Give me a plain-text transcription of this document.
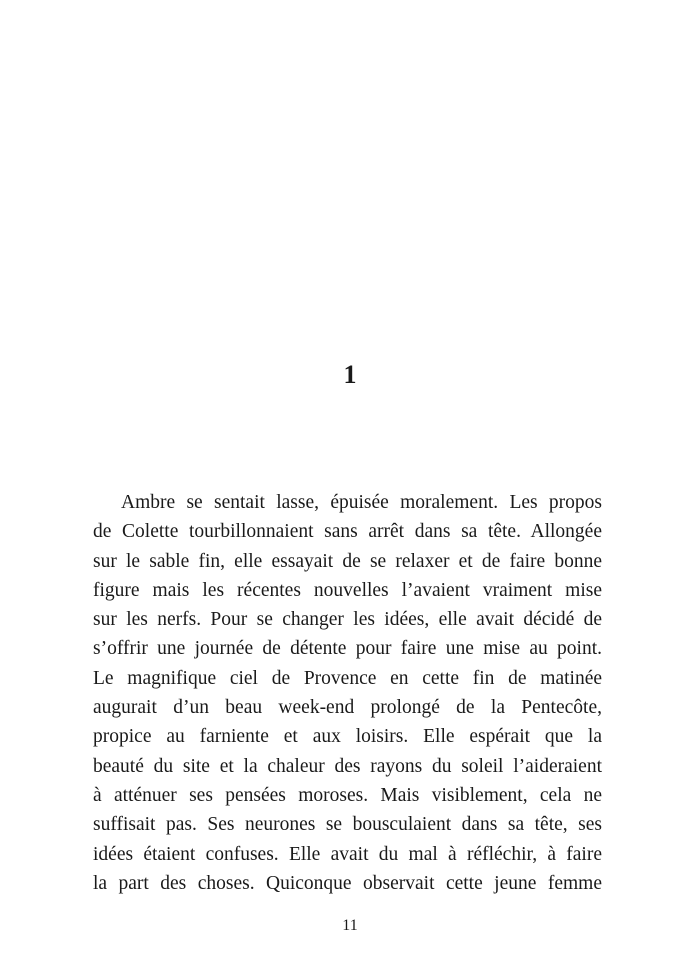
1
Ambre se sentait lasse, épuisée moralement. Les propos
de Colette tourbillonnaient sans arrêt dans sa tête. Allongée
sur le sable fin, elle essayait de se relaxer et de faire bonne
figure mais les récentes nouvelles l’avaient vraiment mise
sur les nerfs. Pour se changer les idées, elle avait décidé de
s’offrir une journée de détente pour faire une mise au point.
Le magnifique ciel de Provence en cette fin de matinée
augurait d’un beau week-end prolongé de la Pentecôte,
propice au farniente et aux loisirs. Elle espérait que la
beauté du site et la chaleur des rayons du soleil l’aideraient
à atténuer ses pensées moroses. Mais visiblement, cela ne
suffisait pas. Ses neurones se bousculaient dans sa tête, ses
idées étaient confuses. Elle avait du mal à réfléchir, à faire
la part des choses. Quiconque observait cette jeune femme
11
